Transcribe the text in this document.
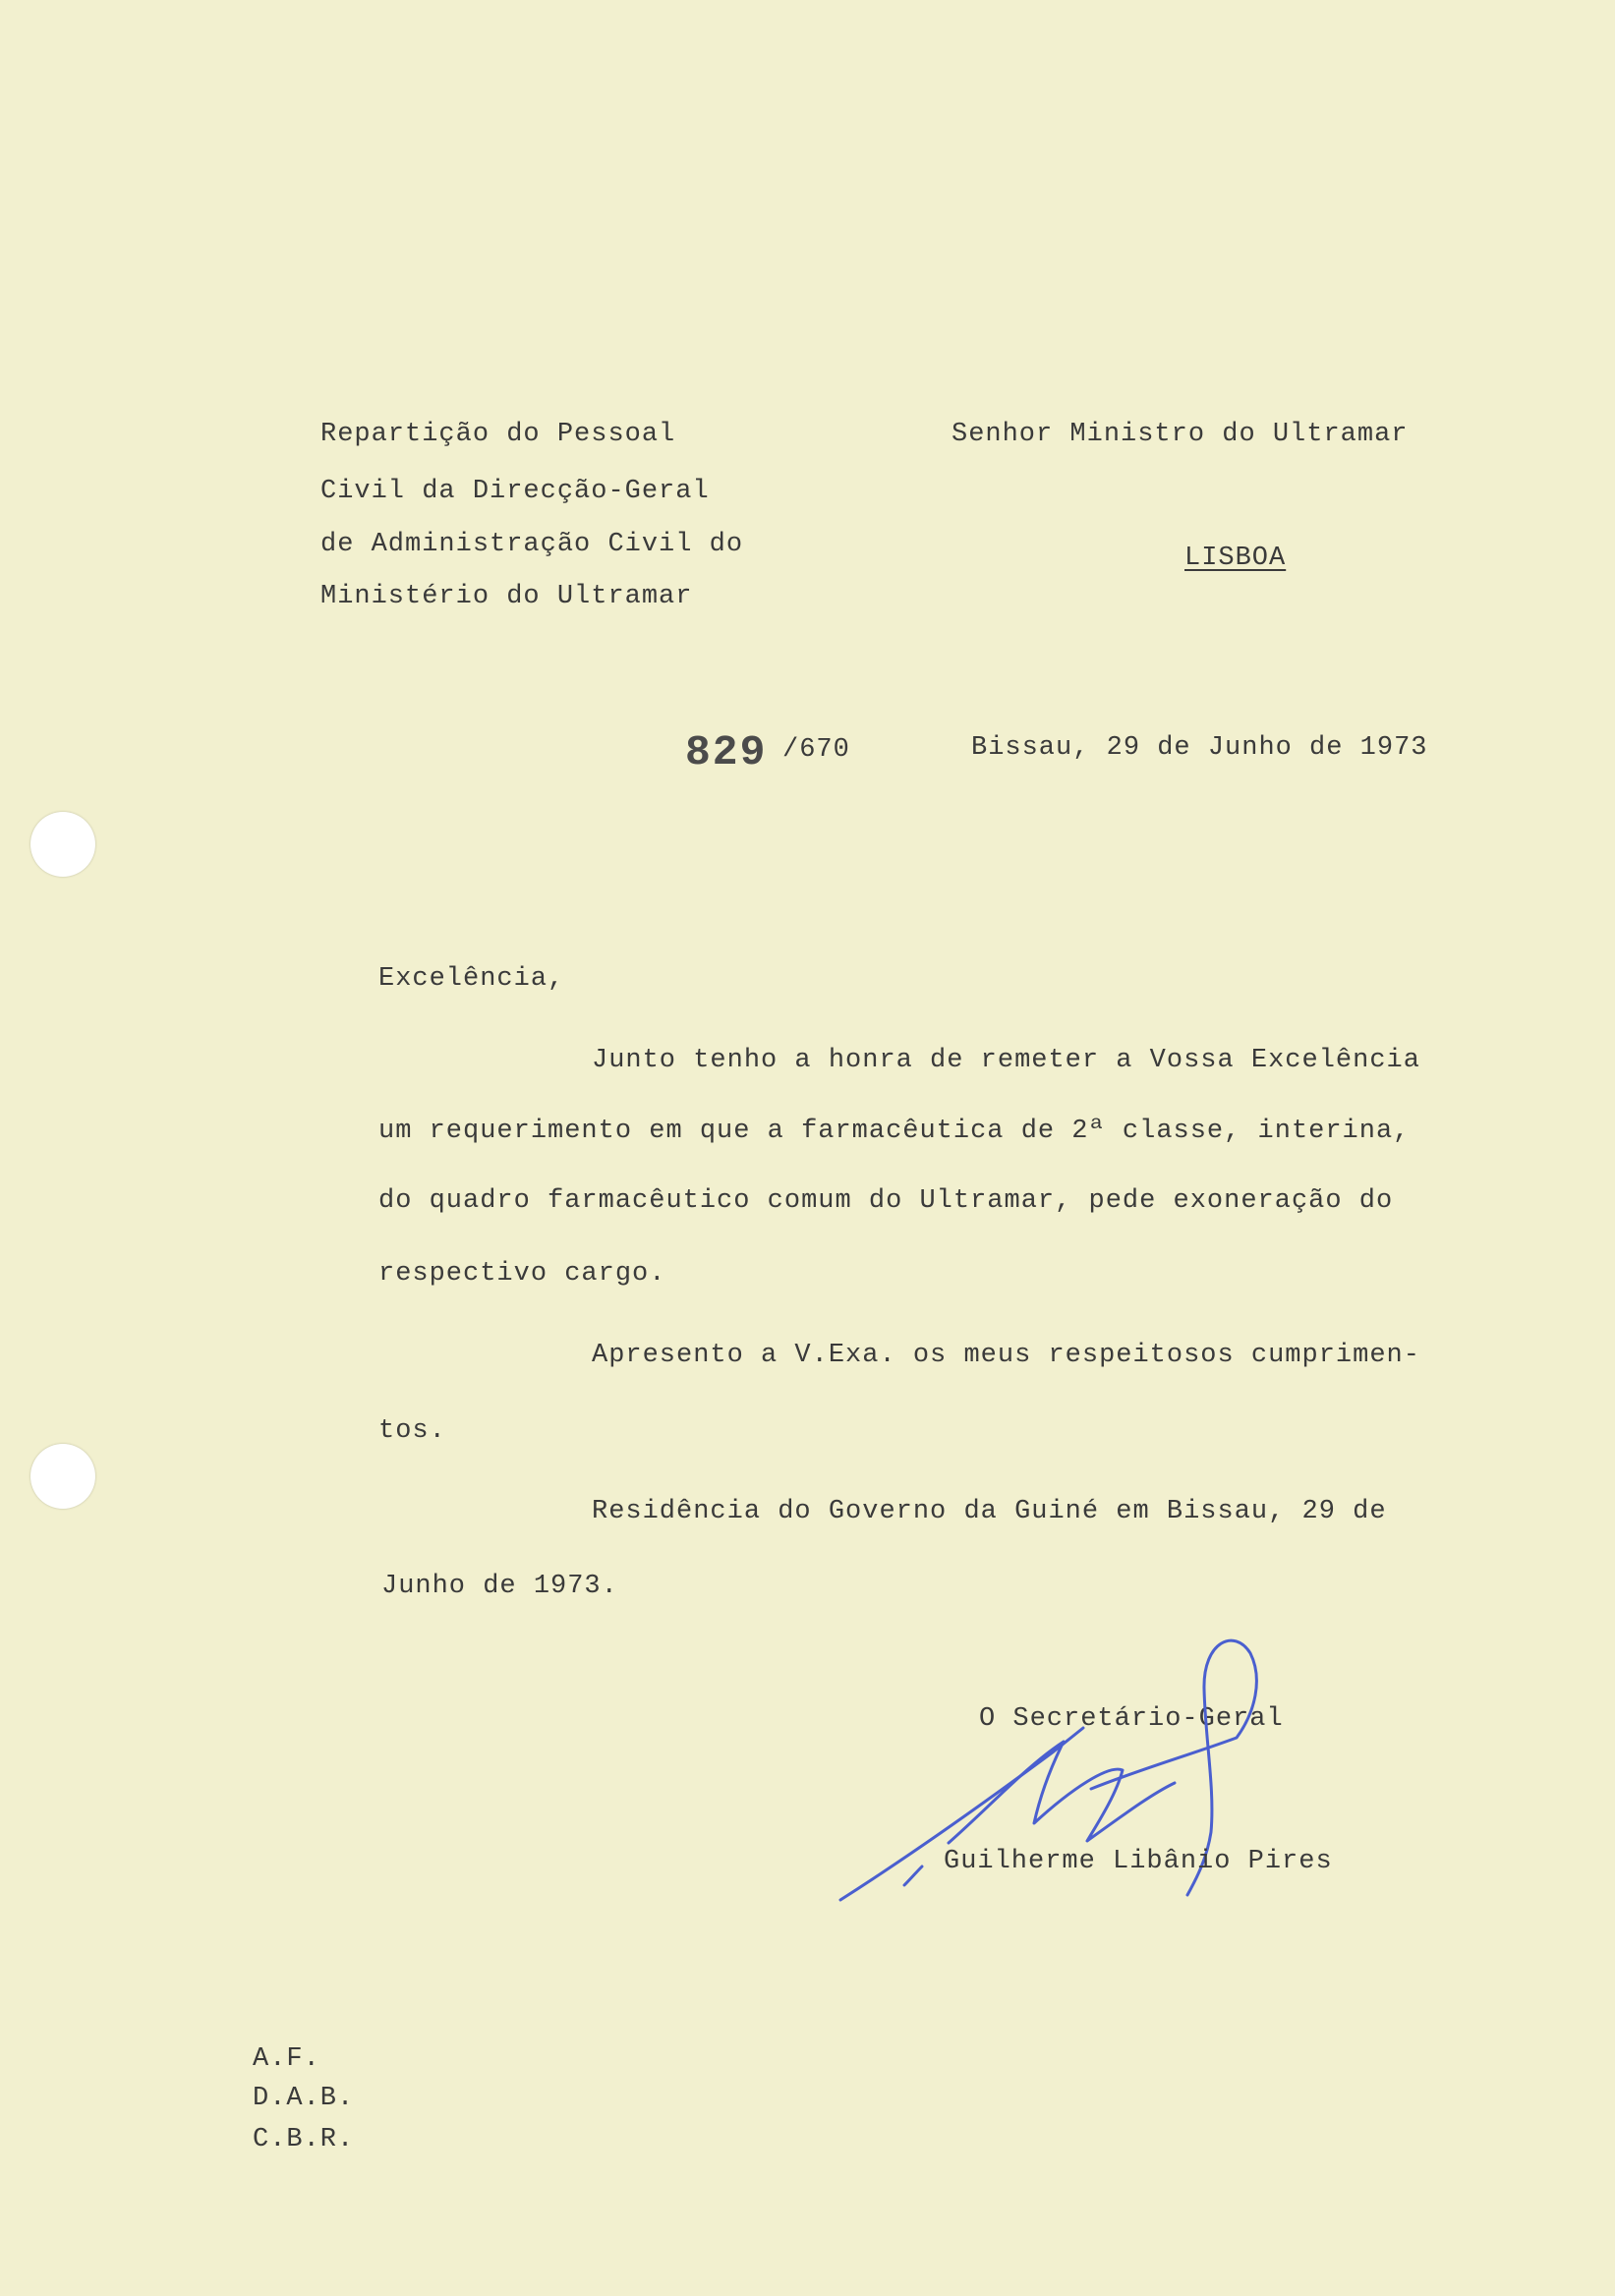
Repartição do Pessoal
Civil da Direcção-Geral
de Administração Civil do
Ministério do Ultramar
Senhor Ministro do Ultramar
LISBOA
829 /670	Bissau, 29 de Junho de 1973
Excelência,
Junto tenho a honra de remeter a Vossa Excelência
um requerimento em que a farmacêutica de 2ª classe, interina,
do quadro farmacêutico comum do Ultramar, pede exoneração do
respectivo cargo.
Apresento a V.Exa. os meus respeitosos cumprimen-
tos.
Residência do Governo da Guiné em Bissau, 29 de
Junho de 1973.
O Secretário-Geral
Guilherme Libânio Pires
A.F.
D.A.B.
C.B.R.
